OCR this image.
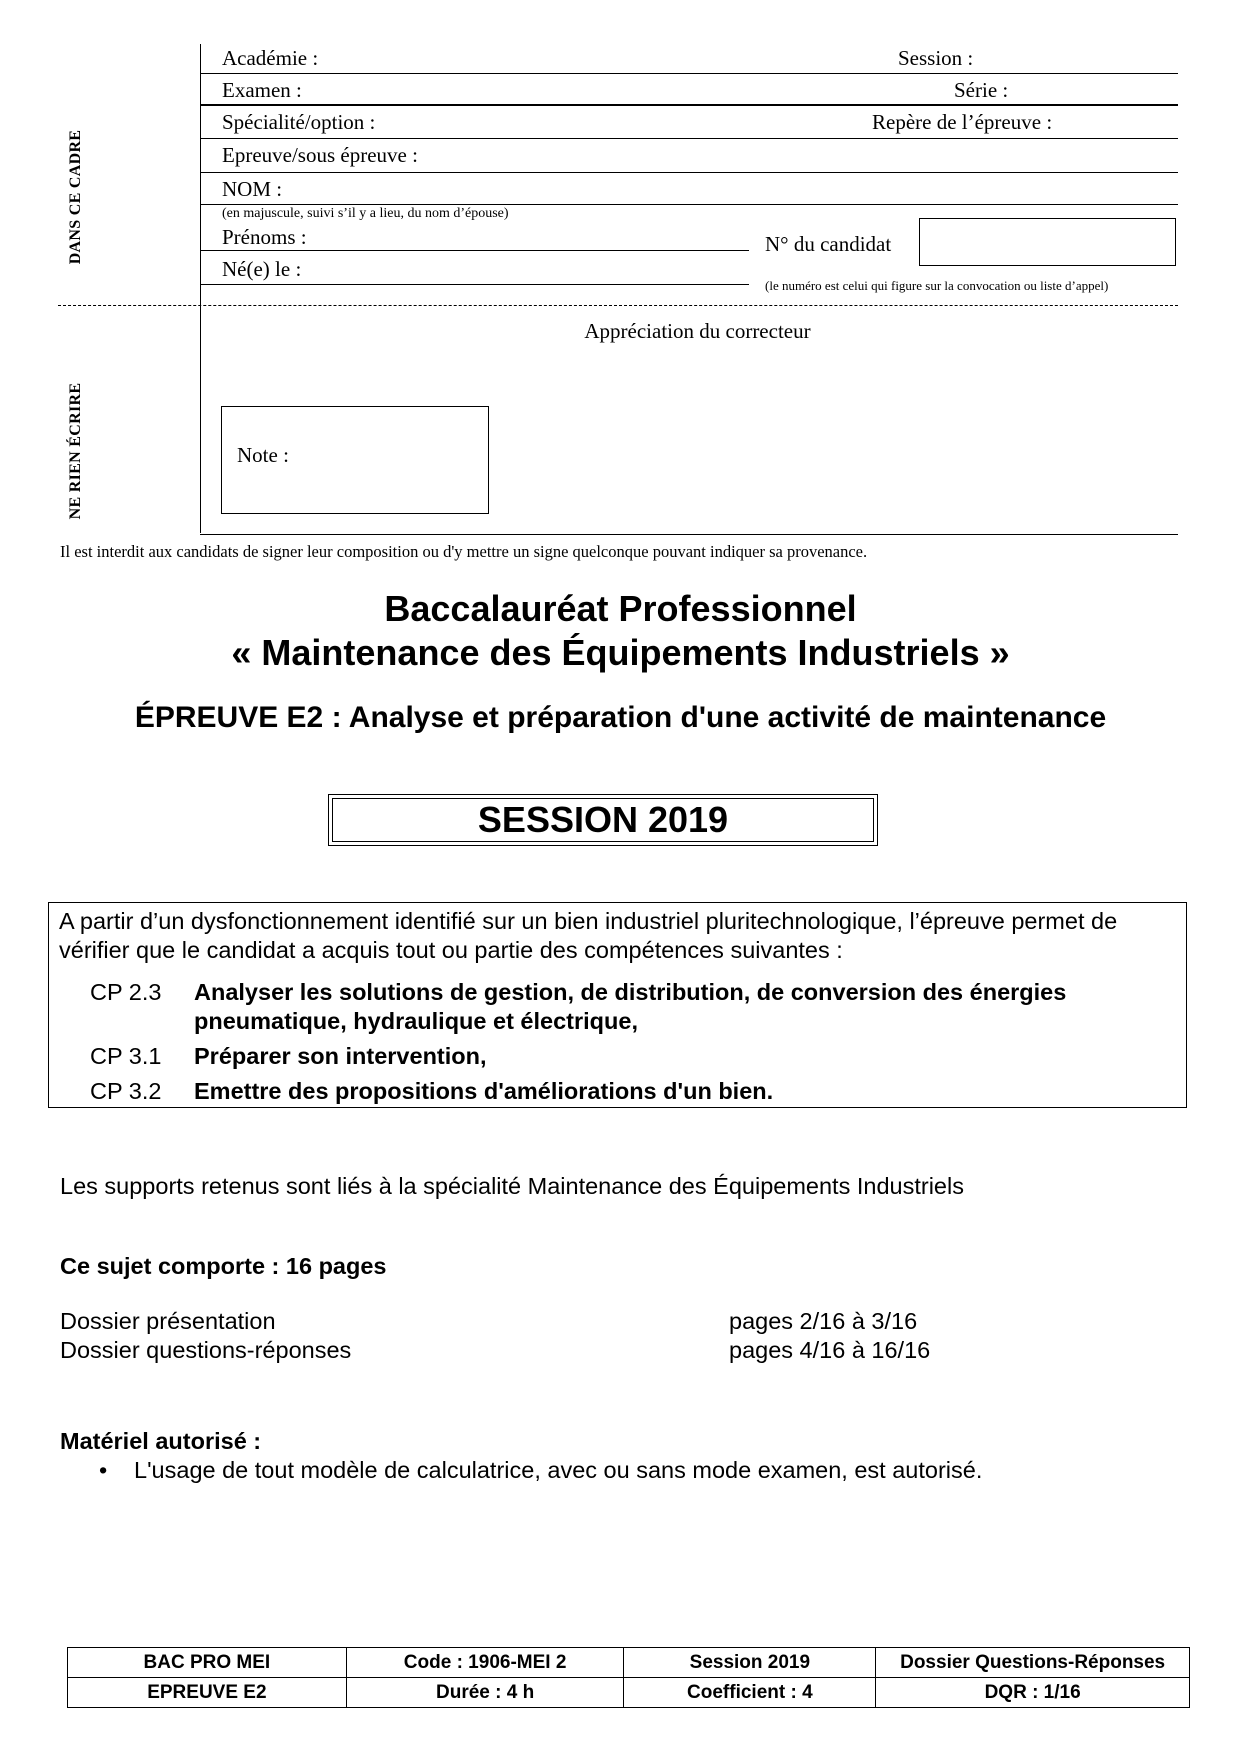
Académie :	Session :
Examen :	Série :
Spécialité/option :	Repère de l’épreuve :
Epreuve/sous épreuve :
NOM :
(en majuscule, suivi s’il y a lieu, du nom d’épouse)
Prénoms :
Né(e) le :
N° du candidat
(le numéro est celui qui figure sur la convocation ou liste d’appel)
DANS CE CADRE
NE RIEN ÉCRIRE
Appréciation du correcteur
Note :
Il est interdit aux candidats de signer leur composition ou d'y mettre un signe quelconque pouvant indiquer sa provenance.
Baccalauréat Professionnel
« Maintenance des Équipements Industriels »
ÉPREUVE E2 : Analyse et préparation d'une activité de maintenance
SESSION 2019
A partir d’un dysfonctionnement identifié sur un bien industriel pluritechnologique, l’épreuve permet de vérifier que le candidat a acquis tout ou partie des compétences suivantes :
CP 2.3 Analyser les solutions de gestion, de distribution, de conversion des énergies
pneumatique, hydraulique et électrique,
CP 3.1 Préparer son intervention,
CP 3.2 Emettre des propositions d'améliorations d'un bien.
Les supports retenus sont liés à la spécialité Maintenance des Équipements Industriels
Ce sujet comporte : 16 pages
Dossier présentation	pages 2/16 à 3/16
Dossier questions-réponses	pages 4/16 à 16/16
Matériel autorisé :
• L'usage de tout modèle de calculatrice, avec ou sans mode examen, est autorisé.
BAC PRO MEI	Code : 1906-MEI 2	Session 2019	Dossier Questions-Réponses
EPREUVE E2	Durée : 4 h	Coefficient : 4	DQR : 1/16
